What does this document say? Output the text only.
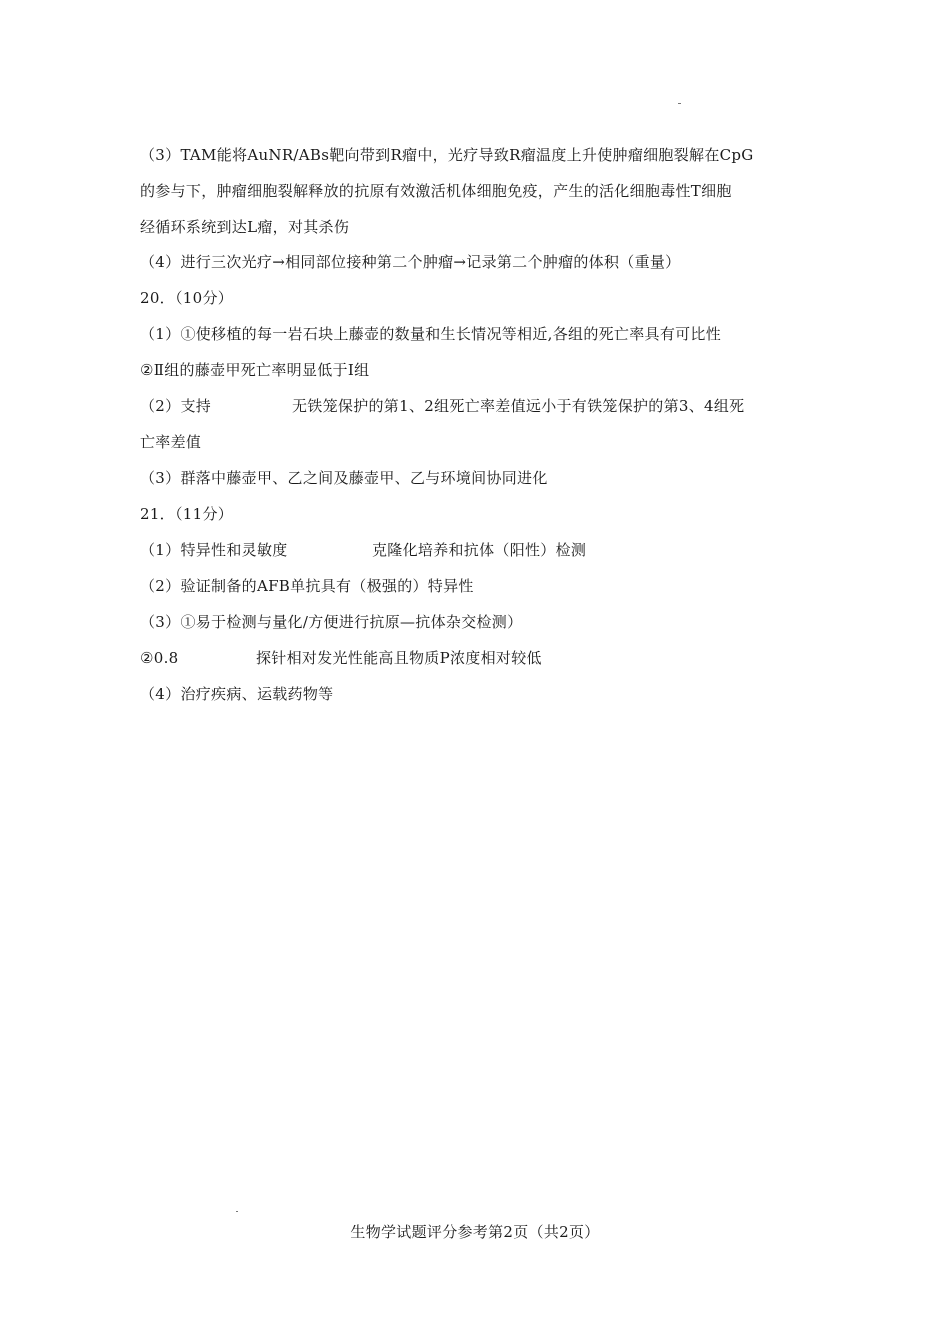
（3）TAM能将AuNR/ABs靶向带到R瘤中，光疗导致R瘤温度上升使肿瘤细胞裂解在CpG
的参与下，肿瘤细胞裂解释放的抗原有效激活机体细胞免疫，产生的活化细胞毒性T细胞
经循环系统到达L瘤，对其杀伤
（4）进行三次光疗→相同部位接种第二个肿瘤→记录第二个肿瘤的体积（重量）
20．（10分）
（1）①使移植的每一岩石块上藤壶的数量和生长情况等相近,各组的死亡率具有可比性
②Ⅱ组的藤壶甲死亡率明显低于Ⅰ组
（2）支持	无铁笼保护的第1、2组死亡率差值远小于有铁笼保护的第3、4组死
亡率差值
（3）群落中藤壶甲、乙之间及藤壶甲、乙与环境间协同进化
21．（11分）
（1）特异性和灵敏度	克隆化培养和抗体（阳性）检测
（2）验证制备的AFB单抗具有（极强的）特异性
（3）①易于检测与量化/方便进行抗原—抗体杂交检测）
②0.8	探针相对发光性能高且物质P浓度相对较低
（4）治疗疾病、运载药物等
生物学试题评分参考第2页（共2页）
